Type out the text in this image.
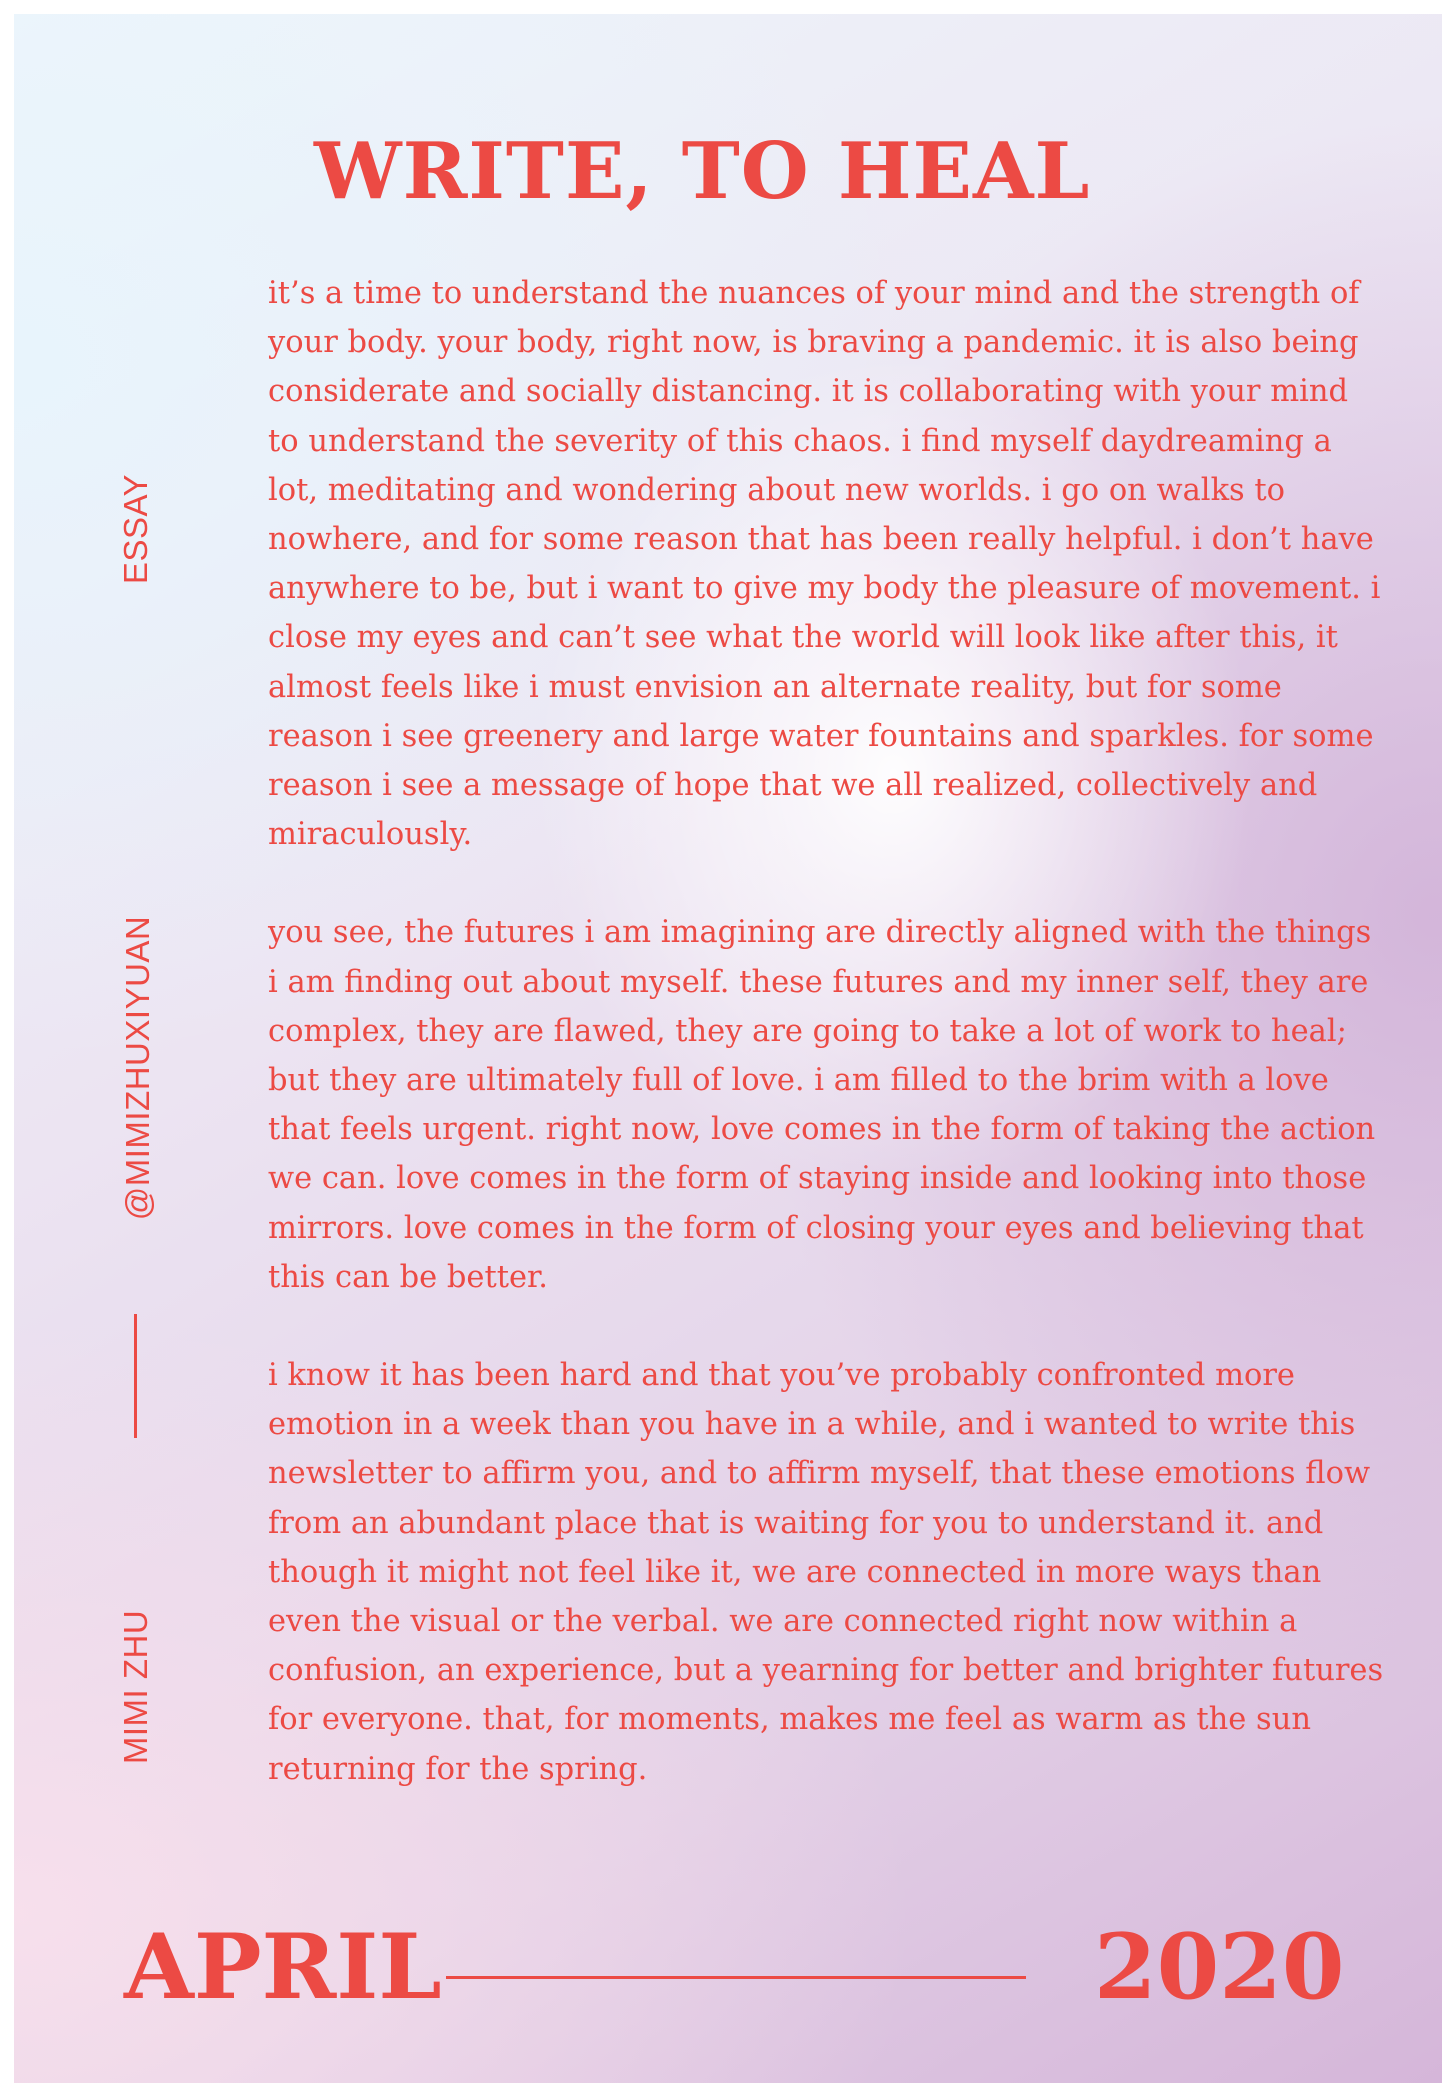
WRITE, TO HEAL
ESSAY
@MIMIZHUXIYUAN
MIMI ZHU

it’s a time to understand the nuances of your mind and the strength of your body. your body, right now, is braving a pandemic. it is also being considerate and socially distancing. it is collaborating with your mind to understand the severity of this chaos. i find myself daydreaming a lot, meditating and wondering about new worlds. i go on walks to nowhere, and for some reason that has been really helpful. i don’t have anywhere to be, but i want to give my body the pleasure of movement. i close my eyes and can’t see what the world will look like after this, it almost feels like i must envision an alternate reality, but for some reason i see greenery and large water fountains and sparkles. for some reason i see a message of hope that we all realized, collectively and miraculously.

you see, the futures i am imagining are directly aligned with the things i am finding out about myself. these futures and my inner self, they are complex, they are flawed, they are going to take a lot of work to heal; but they are ultimately full of love. i am filled to the brim with a love that feels urgent. right now, love comes in the form of taking the action we can. love comes in the form of staying inside and looking into those mirrors. love comes in the form of closing your eyes and believing that this can be better.

i know it has been hard and that you’ve probably confronted more emotion in a week than you have in a while, and i wanted to write this newsletter to affirm you, and to affirm myself, that these emotions flow from an abundant place that is waiting for you to understand it. and though it might not feel like it, we are connected in more ways than even the visual or the verbal. we are connected right now within a confusion, an experience, but a yearning for better and brighter futures for everyone. that, for moments, makes me feel as warm as the sun returning for the spring.

APRIL	2020
